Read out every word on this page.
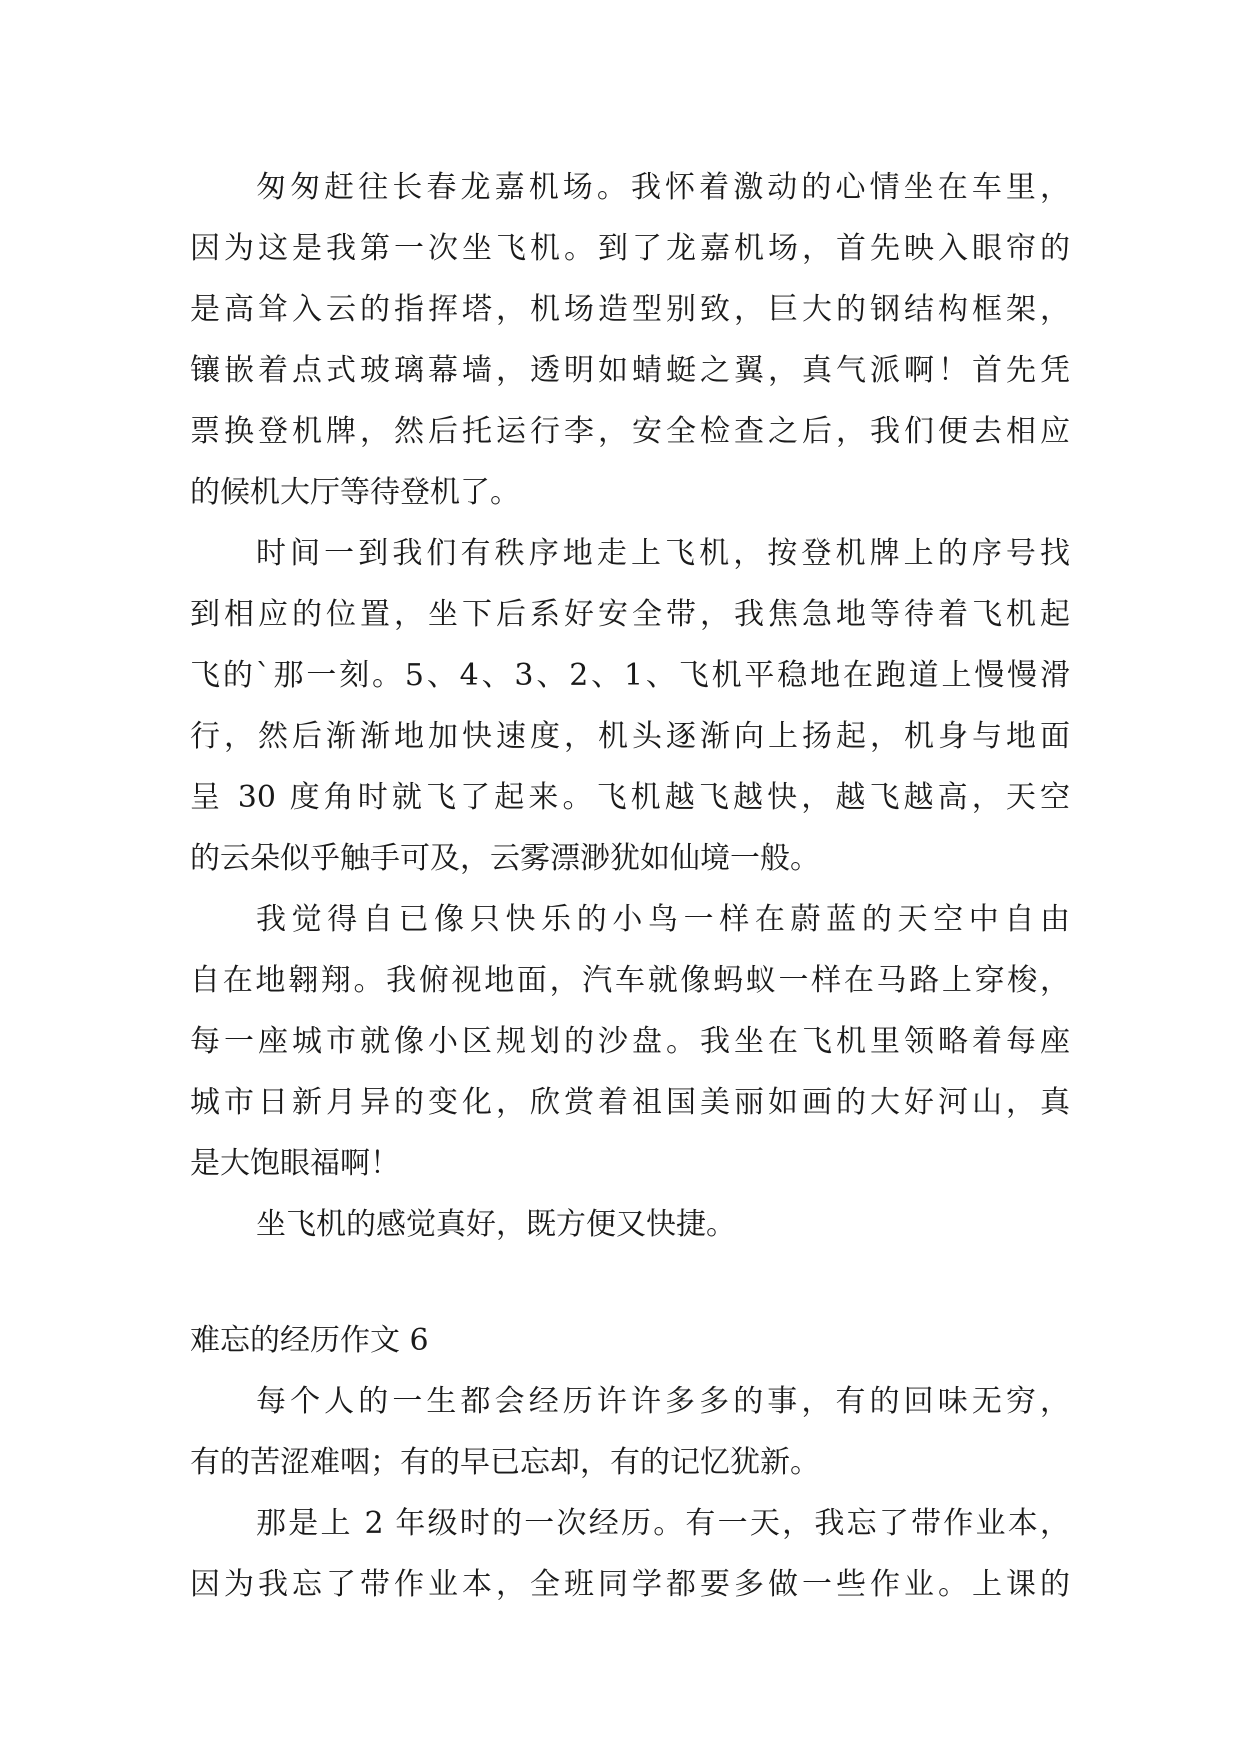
匆匆赶往长春龙嘉机场。我怀着激动的心情坐在车里，
因为这是我第一次坐飞机。到了龙嘉机场，首先映入眼帘的
是高耸入云的指挥塔，机场造型别致，巨大的钢结构框架，
镶嵌着点式玻璃幕墙，透明如蜻蜓之翼，真气派啊！首先凭
票换登机牌，然后托运行李，安全检查之后，我们便去相应
的候机大厅等待登机了。
时间一到我们有秩序地走上飞机，按登机牌上的序号找
到相应的位置，坐下后系好安全带，我焦急地等待着飞机起
飞的`那一刻。5、4、3、2、1、飞机平稳地在跑道上慢慢滑
行，然后渐渐地加快速度，机头逐渐向上扬起，机身与地面
呈 30 度角时就飞了起来。飞机越飞越快，越飞越高，天空
的云朵似乎触手可及，云雾漂渺犹如仙境一般。
我觉得自已像只快乐的小鸟一样在蔚蓝的天空中自由
自在地翱翔。我俯视地面，汽车就像蚂蚁一样在马路上穿梭，
每一座城市就像小区规划的沙盘。我坐在飞机里领略着每座
城市日新月异的变化，欣赏着祖国美丽如画的大好河山，真
是大饱眼福啊！
坐飞机的感觉真好，既方便又快捷。
难忘的经历作文 6
每个人的一生都会经历许许多多的事，有的回味无穷，
有的苦涩难咽；有的早已忘却，有的记忆犹新。
那是上 2 年级时的一次经历。有一天，我忘了带作业本，
因为我忘了带作业本，全班同学都要多做一些作业。上课的
